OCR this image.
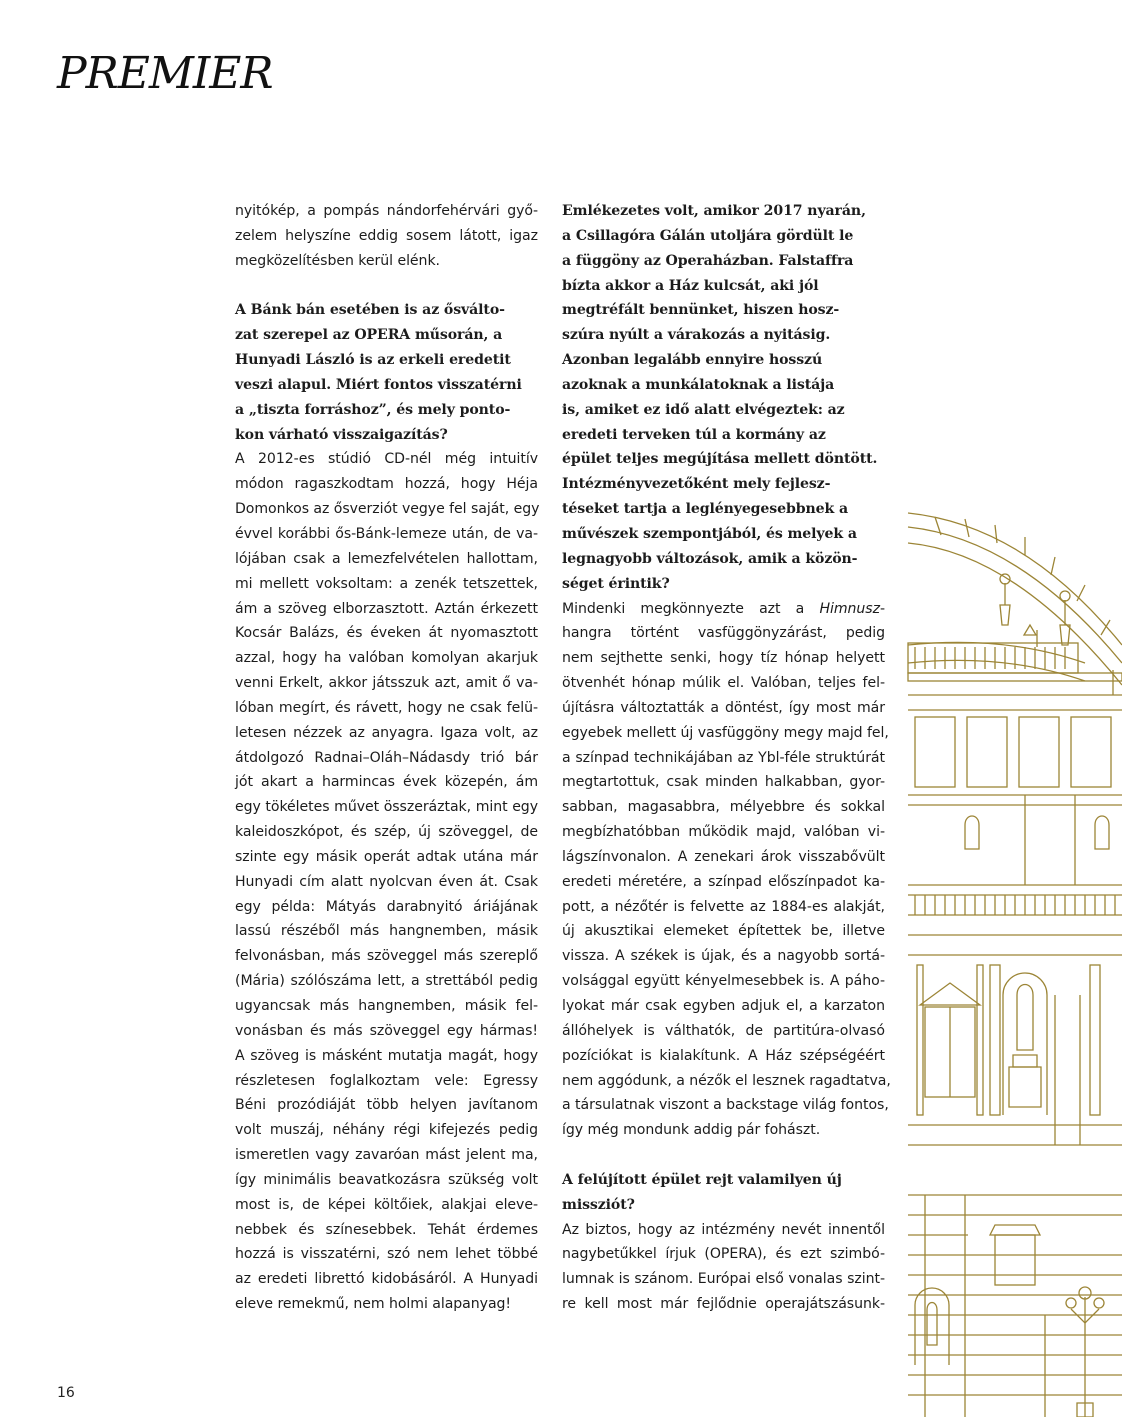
PREMIER

nyitókép, a pompás nándorfehérvári győ-

zelem helyszíne eddig sosem látott, igaz

megközelítésben kerül elénk.

A Bánk bán esetében is az ősváltо-
zat szerepel az OPERA műsorán, a
Hunyadi László is az erkeli eredetit
veszi alapul. Miért fontos visszatérni
a „tiszta forráshoz”, és mely ponto-
kon várható visszaigazítás?

A 2012-es stúdió CD-nél még intuitív

módon ragaszkodtam hozzá, hogy Héja

Domonkos az ősverziót vegye fel saját, egy

évvel korábbi ős-Bánk-lemeze után, de va-

lójában csak a lemezfelvételen hallottam,

mi mellett voksoltam: a zenék tetszettek,

ám a szöveg elborzasztott. Aztán érkezett

Kocsár Balázs, és éveken át nyomasztott

azzal, hogy ha valóban komolyan akarjuk

venni Erkelt, akkor játsszuk azt, amit ő va-

lóban megírt, és rávett, hogy ne csak felü-

letesen nézzek az anyagra. Igaza volt, az

átdolgozó Radnai–Oláh–Nádasdy trió bár

jót akart a harmincas évek közepén, ám

egy tökéletes művet összeráztak, mint egy

kaleidoszkópot, és szép, új szöveggel, de

szinte egy másik operát adtak utána már

Hunyadi cím alatt nyolcvan éven át. Csak

egy példa: Mátyás darabnyitó áriájának

lassú részéből más hangnemben, másik

felvonásban, más szöveggel más szereplő

(Mária) szólószáma lett, a strettából pedig

ugyancsak más hangnemben, másik fel-

vonásban és más szöveggel egy hármas!

A szöveg is másként mutatja magát, hogy

részletesen foglalkoztam vele: Egressy

Béni prozódiáját több helyen javítanom

volt muszáj, néhány régi kifejezés pedig

ismeretlen vagy zavaróan mást jelent ma,

így minimális beavatkozásra szükség volt

most is, de képei költőiek, alakjai eleve-

nebbek és színesebbek. Tehát érdemes

hozzá is visszatérni, szó nem lehet többé

az eredeti librettó kidobásáról. A Hunyadi

eleve remekmű, nem holmi alapanyag!

Emlékezetes volt, amikor 2017 nyarán,
a Csillagóra Gálán utoljára gördült le
a függöny az Operaházban. Falstaffra
bízta akkor a Ház kulcsát, aki jól
megtréfált bennünket, hiszen hosz-
szúra nyúlt a várakozás a nyitásig.
Azonban legalább ennyire hosszú
azoknak a munkálatoknak a listája
is, amiket ez idő alatt elvégeztek: az
eredeti terveken túl a kormány az
épület teljes megújítása mellett döntött.
Intézményvezetőként mely fejlesz-
téseket tartja a leglényegesebbnek a
művészek szempontjából, és melyek a
legnagyobb változások, amik a közön-
séget érintik?

Mindenki megkönnyezte azt a Himnusz-

hangra történt vasfüggönyzárást, pedig

nem sejthette senki, hogy tíz hónap helyett

ötvenhét hónap múlik el. Valóban, teljes fel-

újításra változtatták a döntést, így most már

egyebek mellett új vasfüggöny megy majd fel,

a színpad technikájában az Ybl-féle struktúrát

megtartottuk, csak minden halkabban, gyor-

sabban, magasabbra, mélyebbre és sokkal

megbízhatóbban működik majd, valóban vi-

lágszínvonalon. A zenekari árok visszabővült

eredeti méretére, a színpad előszínpadot ka-

pott, a nézőtér is felvette az 1884-es alakját,

új akusztikai elemeket építettek be, illetve

vissza. A székek is újak, és a nagyobb sortá-

volsággal együtt kényelmesebbek is. A páho-

lyokat már csak egyben adjuk el, a karzaton

állóhelyek is válthatók, de partitúra-olvasó

pozíciókat is kialakítunk. A Ház szépségéért

nem aggódunk, a nézők el lesznek ragadtatva,

a társulatnak viszont a backstage világ fontos,

így még mondunk addig pár fohászt.

A felújított épület rejt valamilyen új
missziót?

Az biztos, hogy az intézmény nevét innentől

nagybetűkkel írjuk (OPERA), és ezt szimbó-

lumnak is szánom. Európai első vonalas szint-

re kell most már fejlődnie operajátszásunk-

16
